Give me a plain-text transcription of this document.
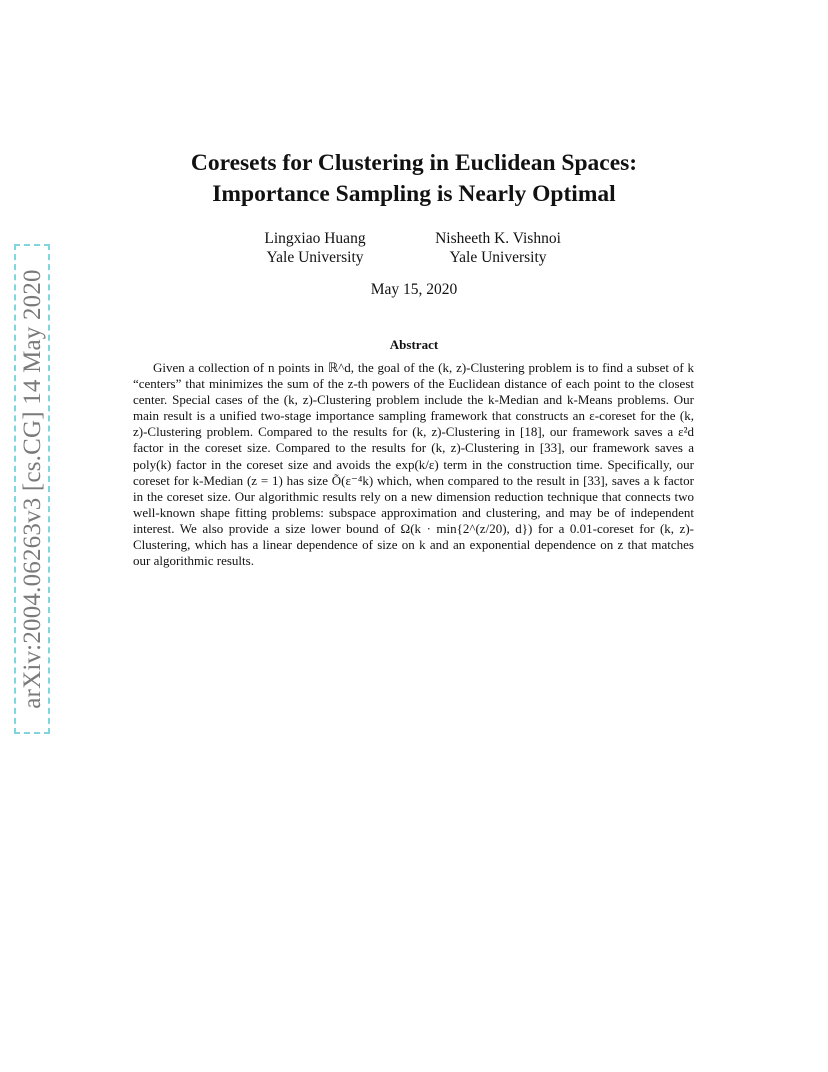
arXiv:2004.06263v3 [cs.CG] 14 May 2020
Coresets for Clustering in Euclidean Spaces:
Importance Sampling is Nearly Optimal
Lingxiao Huang
Yale University
Nisheeth K. Vishnoi
Yale University
May 15, 2020
Abstract

Given a collection of n points in ℝ^d, the goal of the (k, z)-Clustering problem is to find a subset of k “centers” that minimizes the sum of the z-th powers of the Euclidean distance of each point to the closest center. Special cases of the (k, z)-Clustering problem include the k-Median and k-Means problems. Our main result is a unified two-stage importance sampling framework that constructs an ε-coreset for the (k, z)-Clustering problem. Compared to the results for (k, z)-Clustering in [18], our framework saves a ε²d factor in the coreset size. Compared to the results for (k, z)-Clustering in [33], our framework saves a poly(k) factor in the coreset size and avoids the exp(k/ε) term in the construction time. Specifically, our coreset for k-Median (z = 1) has size Õ(ε⁻⁴k) which, when compared to the result in [33], saves a k factor in the coreset size. Our algorithmic results rely on a new dimension reduction technique that connects two well-known shape fitting problems: subspace approximation and clustering, and may be of independent interest. We also provide a size lower bound of Ω(k · min{2^(z/20), d}) for a 0.01-coreset for (k, z)-Clustering, which has a linear dependence of size on k and an exponential dependence on z that matches our algorithmic results.
